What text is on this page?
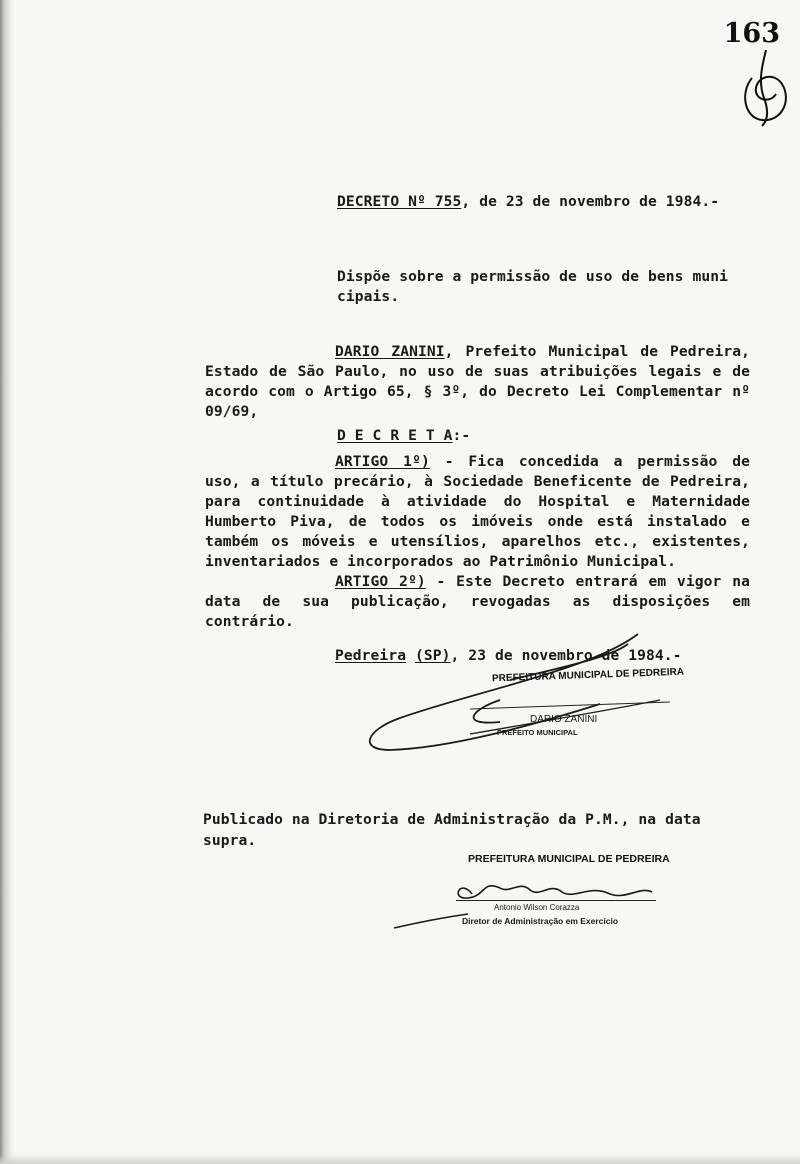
163
DECRETO Nº 755, de 23 de novembro de 1984.-
Dispõe sobre a permissão de uso de bens muni
cipais.
DARIO ZANINI, Prefeito Municipal de Pedreira, Estado de São Paulo, no uso de suas atribuições legais e de acordo com o Artigo 65, § 3º, do Decreto Lei Complementar nº 09/69,
D E C R E T A:-
ARTIGO 1º) - Fica concedida a permissão de uso, a título precário, à Sociedade Beneficente de Pedreira, para continuidade à atividade do Hospital e Maternidade Humberto Piva, de todos os imóveis onde está instalado e também os móveis e utensílios, aparelhos etc., existentes, inventariados e incorporados ao Patrimônio Municipal.
ARTIGO 2º) - Este Decreto entrará em vigor na data de sua publicação, revogadas as disposições em contrário.
Pedreira (SP), 23 de novembro de 1984.-
PREFEITURA MUNICIPAL DE PEDREIRA
DARIO ZANINI
PREFEITO MUNICIPAL
Publicado na Diretoria de Administração da P.M., na data
supra.
PREFEITURA MUNICIPAL DE PEDREIRA
Antonio Wilson Corazza
Diretor de Administração em Exercício
